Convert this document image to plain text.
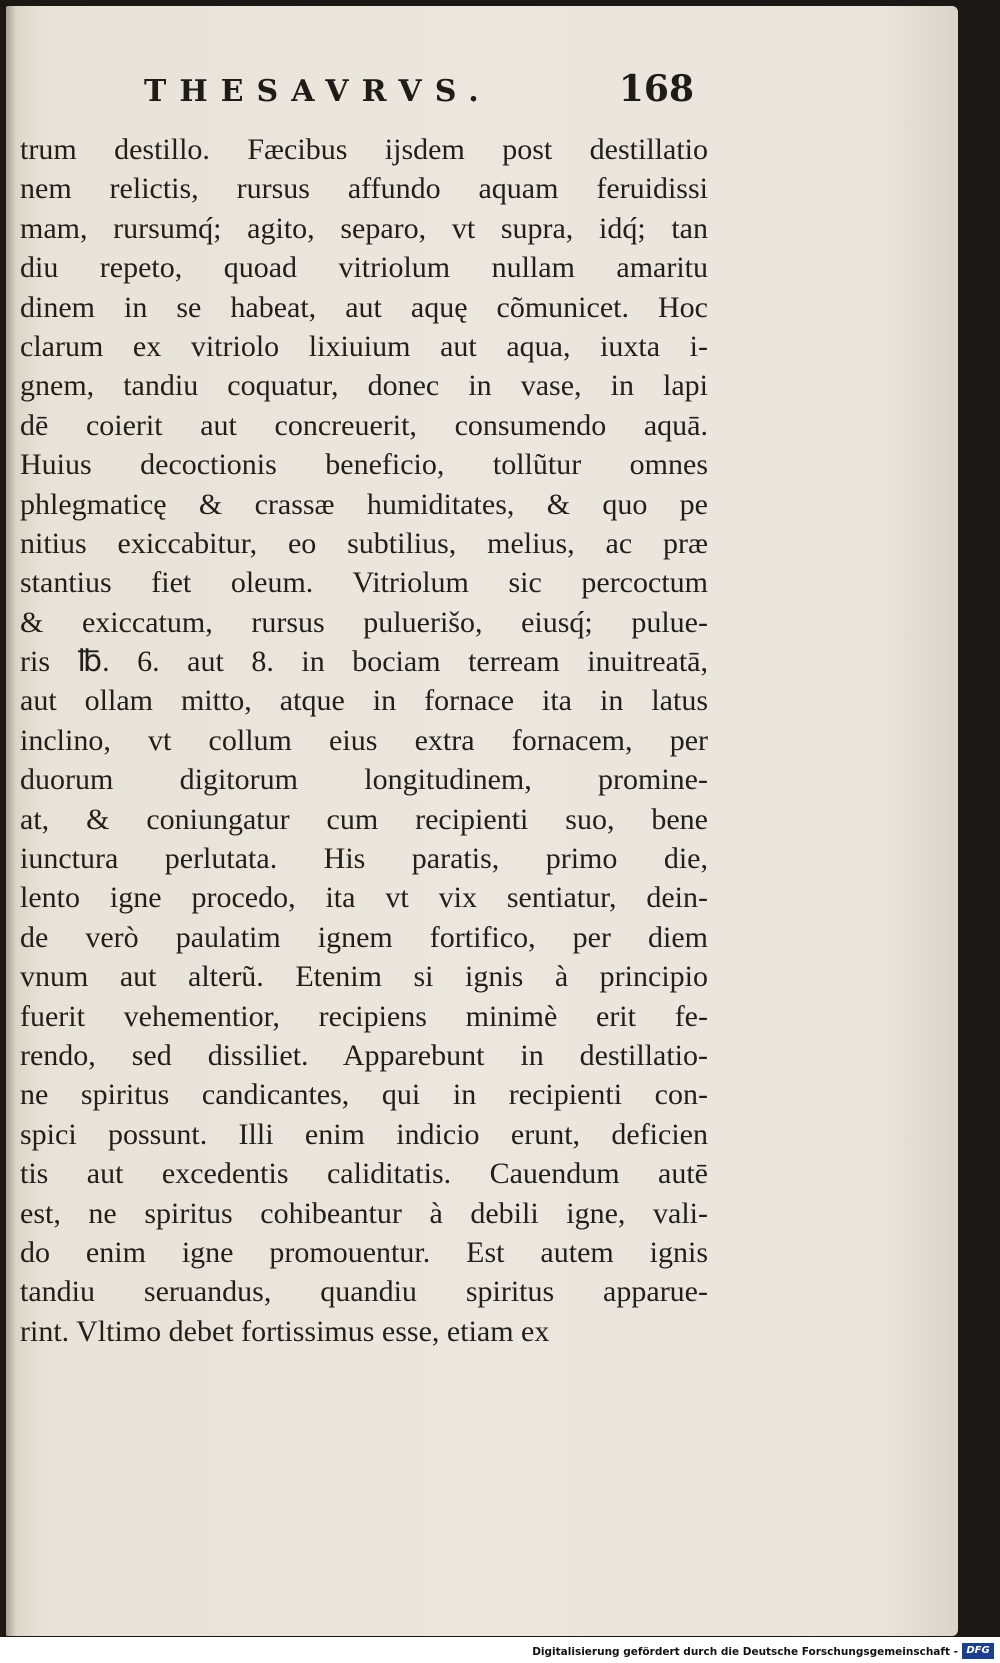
THESAVRVS.	168
trum destillo. Fæcibus ijsdem post destillatio
nem relictis, rursus affundo aquam feruidissi
mam, rursumq́; agito, separo, vt supra, idq́; tan
diu repeto, quoad vitriolum nullam amaritu
dinem in se habeat, aut aquę cõmunicet. Hoc
clarum ex vitriolo lixiuium aut aqua, iuxta i-
gnem, tandiu coquatur, donec in vase, in lapi
dē coierit aut concreuerit, consumendo aquā.
Huius decoctionis beneficio, tollũtur omnes
phlegmaticę & crassæ humiditates, & quo pe
nitius exiccabitur, eo subtilius, melius, ac præ
stantius fiet oleum. Vitriolum sic percoctum
& exiccatum, rursus puluerišo, eiusq́; pulue-
ris ℔. 6. aut 8. in bociam terream inuitreatā,
aut ollam mitto, atque in fornace ita in latus
inclino, vt collum eius extra fornacem, per
duorum digitorum longitudinem, promine-
at, & coniungatur cum recipienti suo, bene
iunctura perlutata. His paratis, primo die,
lento igne procedo, ita vt vix sentiatur, dein-
de verò paulatim ignem fortifico, per diem
vnum aut alterũ. Etenim si ignis à principio
fuerit vehementior, recipiens minimè erit fe-
rendo, sed dissiliet. Apparebunt in destillatio-
ne spiritus candicantes, qui in recipienti con-
spici possunt. Illi enim indicio erunt, deficien
tis aut excedentis caliditatis. Cauendum autē
est, ne spiritus cohibeantur à debili igne, vali-
do enim igne promouentur. Est autem ignis
tandiu seruandus, quandiu spiritus apparue-
rint. Vltimo debet fortissimus esse, etiam ex
Digitalisierung gefördert durch die Deutsche Forschungsgemeinschaft - DFG
